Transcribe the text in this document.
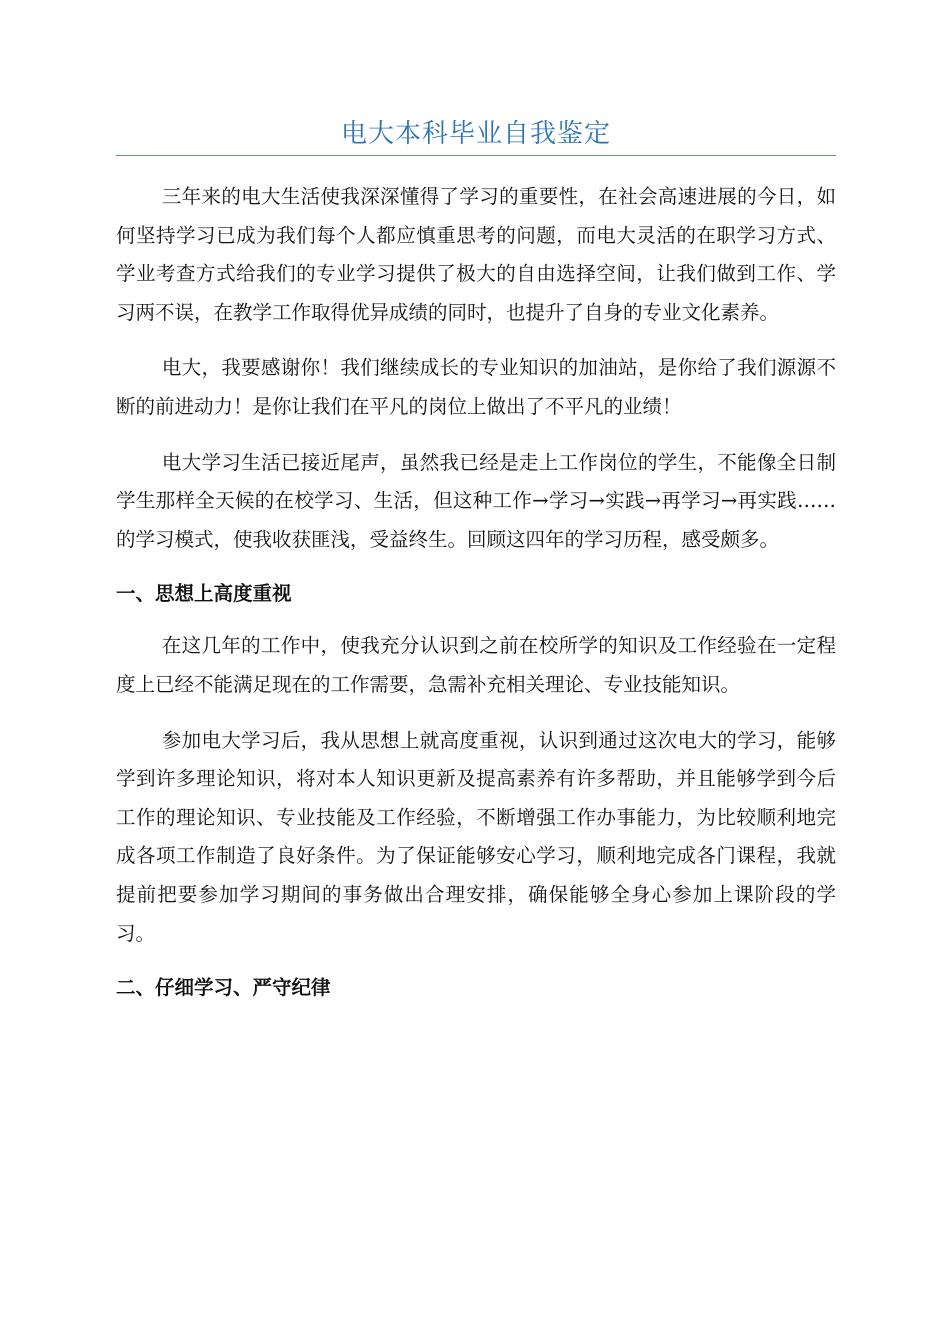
电大本科毕业自我鉴定

三年来的电大生活使我深深懂得了学习的重要性，在社会高速进展的今日，如何坚持学习已成为我们每个人都应慎重思考的问题，而电大灵活的在职学习方式、学业考查方式给我们的专业学习提供了极大的自由选择空间，让我们做到工作、学习两不误，在教学工作取得优异成绩的同时，也提升了自身的专业文化素养。

电大，我要感谢你！我们继续成长的专业知识的加油站，是你给了我们源源不断的前进动力！是你让我们在平凡的岗位上做出了不平凡的业绩！

电大学习生活已接近尾声，虽然我已经是走上工作岗位的学生，不能像全日制学生那样全天候的在校学习、生活，但这种工作→学习→实践→再学习→再实践……的学习模式，使我收获匪浅，受益终生。回顾这四年的学习历程，感受颇多。

一、思想上高度重视

在这几年的工作中，使我充分认识到之前在校所学的知识及工作经验在一定程度上已经不能满足现在的工作需要，急需补充相关理论、专业技能知识。

参加电大学习后，我从思想上就高度重视，认识到通过这次电大的学习，能够学到许多理论知识，将对本人知识更新及提高素养有许多帮助，并且能够学到今后工作的理论知识、专业技能及工作经验，不断增强工作办事能力，为比较顺利地完成各项工作制造了良好条件。为了保证能够安心学习，顺利地完成各门课程，我就提前把要参加学习期间的事务做出合理安排，确保能够全身心参加上课阶段的学习。

二、仔细学习、严守纪律
